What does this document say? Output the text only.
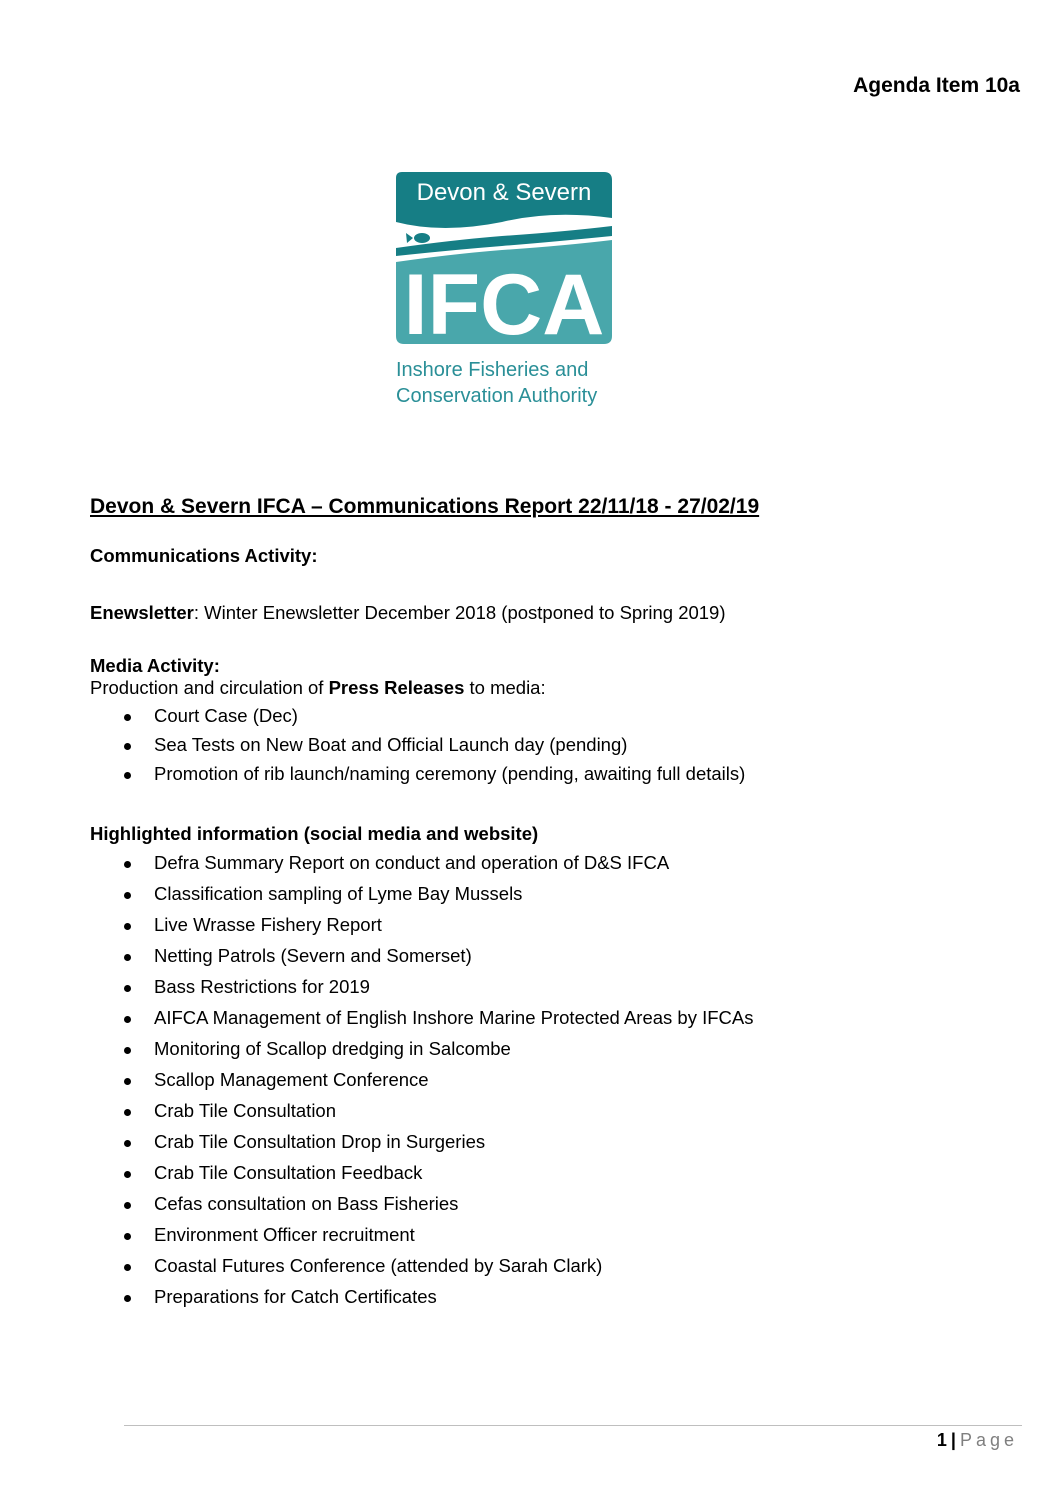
Agenda Item 10a
Devon & Severn
IFCA
Inshore Fisheries and
Conservation Authority
Devon & Severn IFCA – Communications Report 22/11/18 - 27/02/19

Communications Activity:

Enewsletter: Winter Enewsletter December 2018 (postponed to Spring 2019)

Media Activity:

Production and circulation of Press Releases to media:

Court Case (Dec)
Sea Tests on New Boat and Official Launch day (pending)
Promotion of rib launch/naming ceremony (pending, awaiting full details)

Highlighted information (social media and website)

Defra Summary Report on conduct and operation of D&S IFCA
Classification sampling of Lyme Bay Mussels
Live Wrasse Fishery Report
Netting Patrols (Severn and Somerset)
Bass Restrictions for 2019
AIFCA Management of English Inshore Marine Protected Areas by IFCAs
Monitoring of Scallop dredging in Salcombe
Scallop Management Conference
Crab Tile Consultation
Crab Tile Consultation Drop in Surgeries
Crab Tile Consultation Feedback
Cefas consultation on Bass Fisheries
Environment Officer recruitment
Coastal Futures Conference (attended by Sarah Clark)
Preparations for Catch Certificates
1 | Page
